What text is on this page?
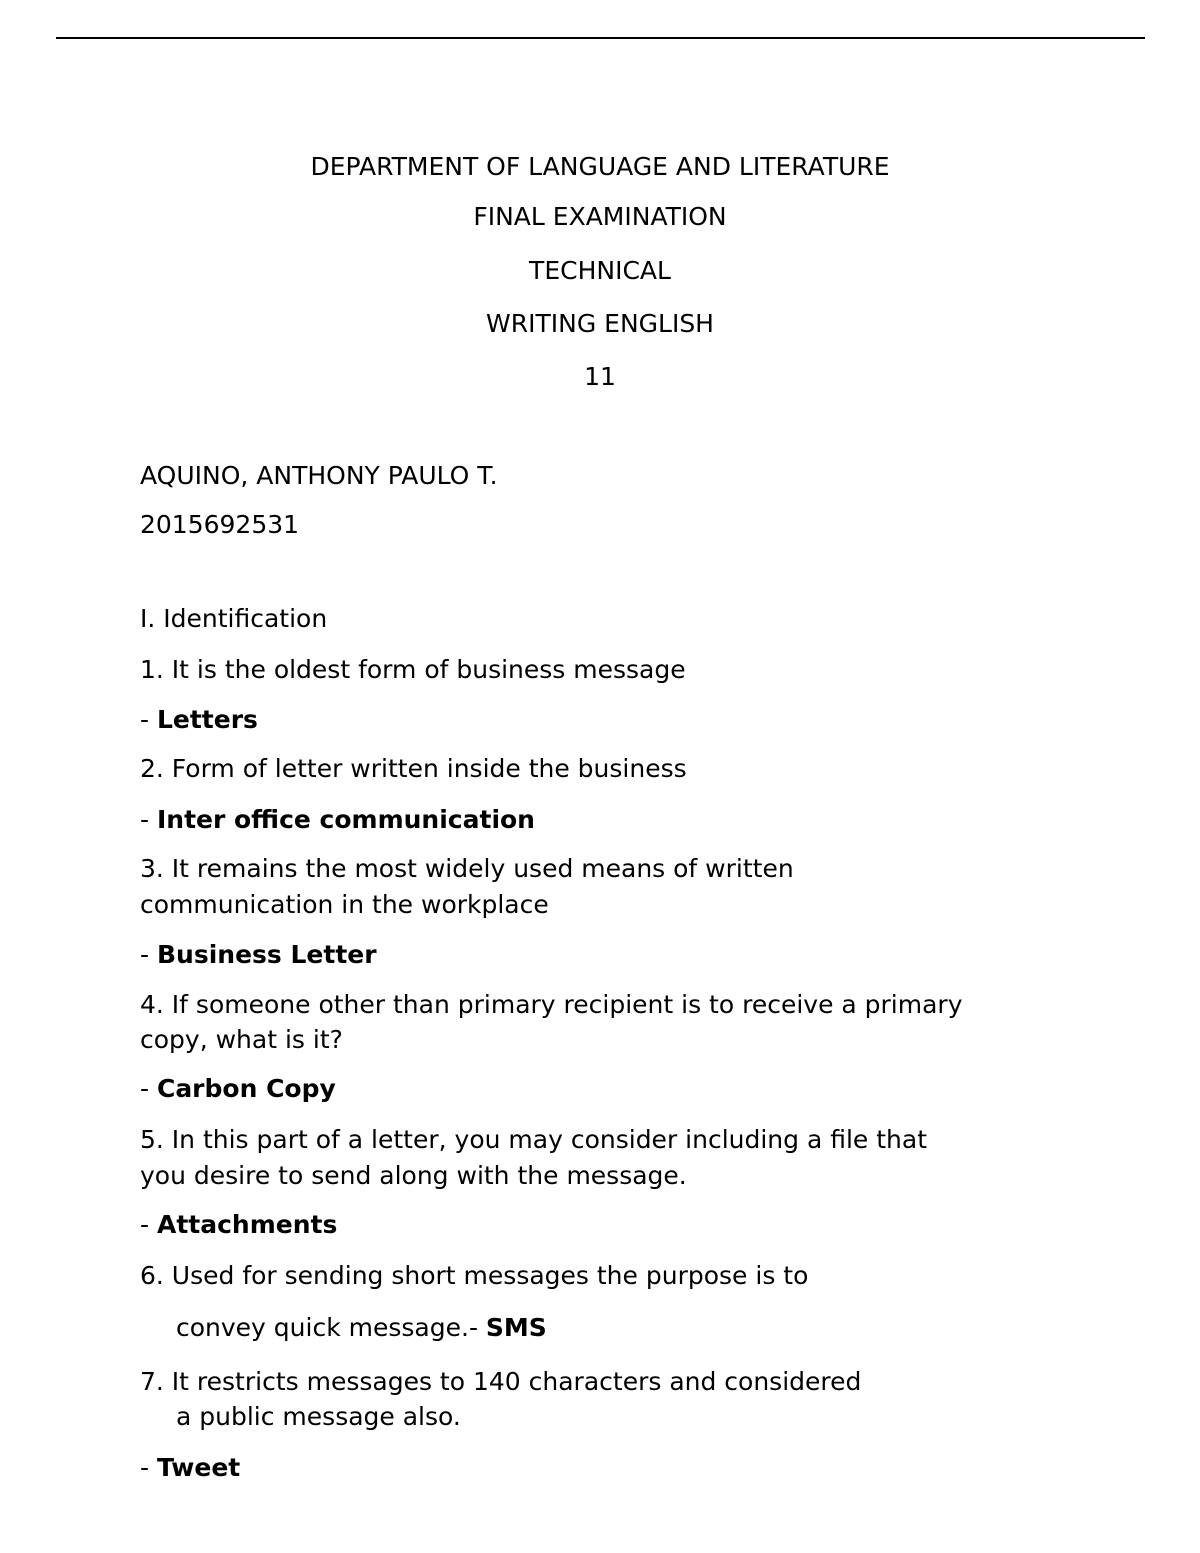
DEPARTMENT OF LANGUAGE AND LITERATURE
FINAL EXAMINATION
TECHNICAL
WRITING ENGLISH
11
AQUINO, ANTHONY PAULO T.
2015692531
I. Identification
1. It is the oldest form of business message
- Letters
2. Form of letter written inside the business
- Inter office communication
3. It remains the most widely used means of written
communication in the workplace
- Business Letter
4. If someone other than primary recipient is to receive a primary
copy, what is it?
- Carbon Copy
5. In this part of a letter, you may consider including a file that
you desire to send along with the message.
- Attachments
6. Used for sending short messages the purpose is to
convey quick message.- SMS
7. It restricts messages to 140 characters and considered
a public message also.
- Tweet
